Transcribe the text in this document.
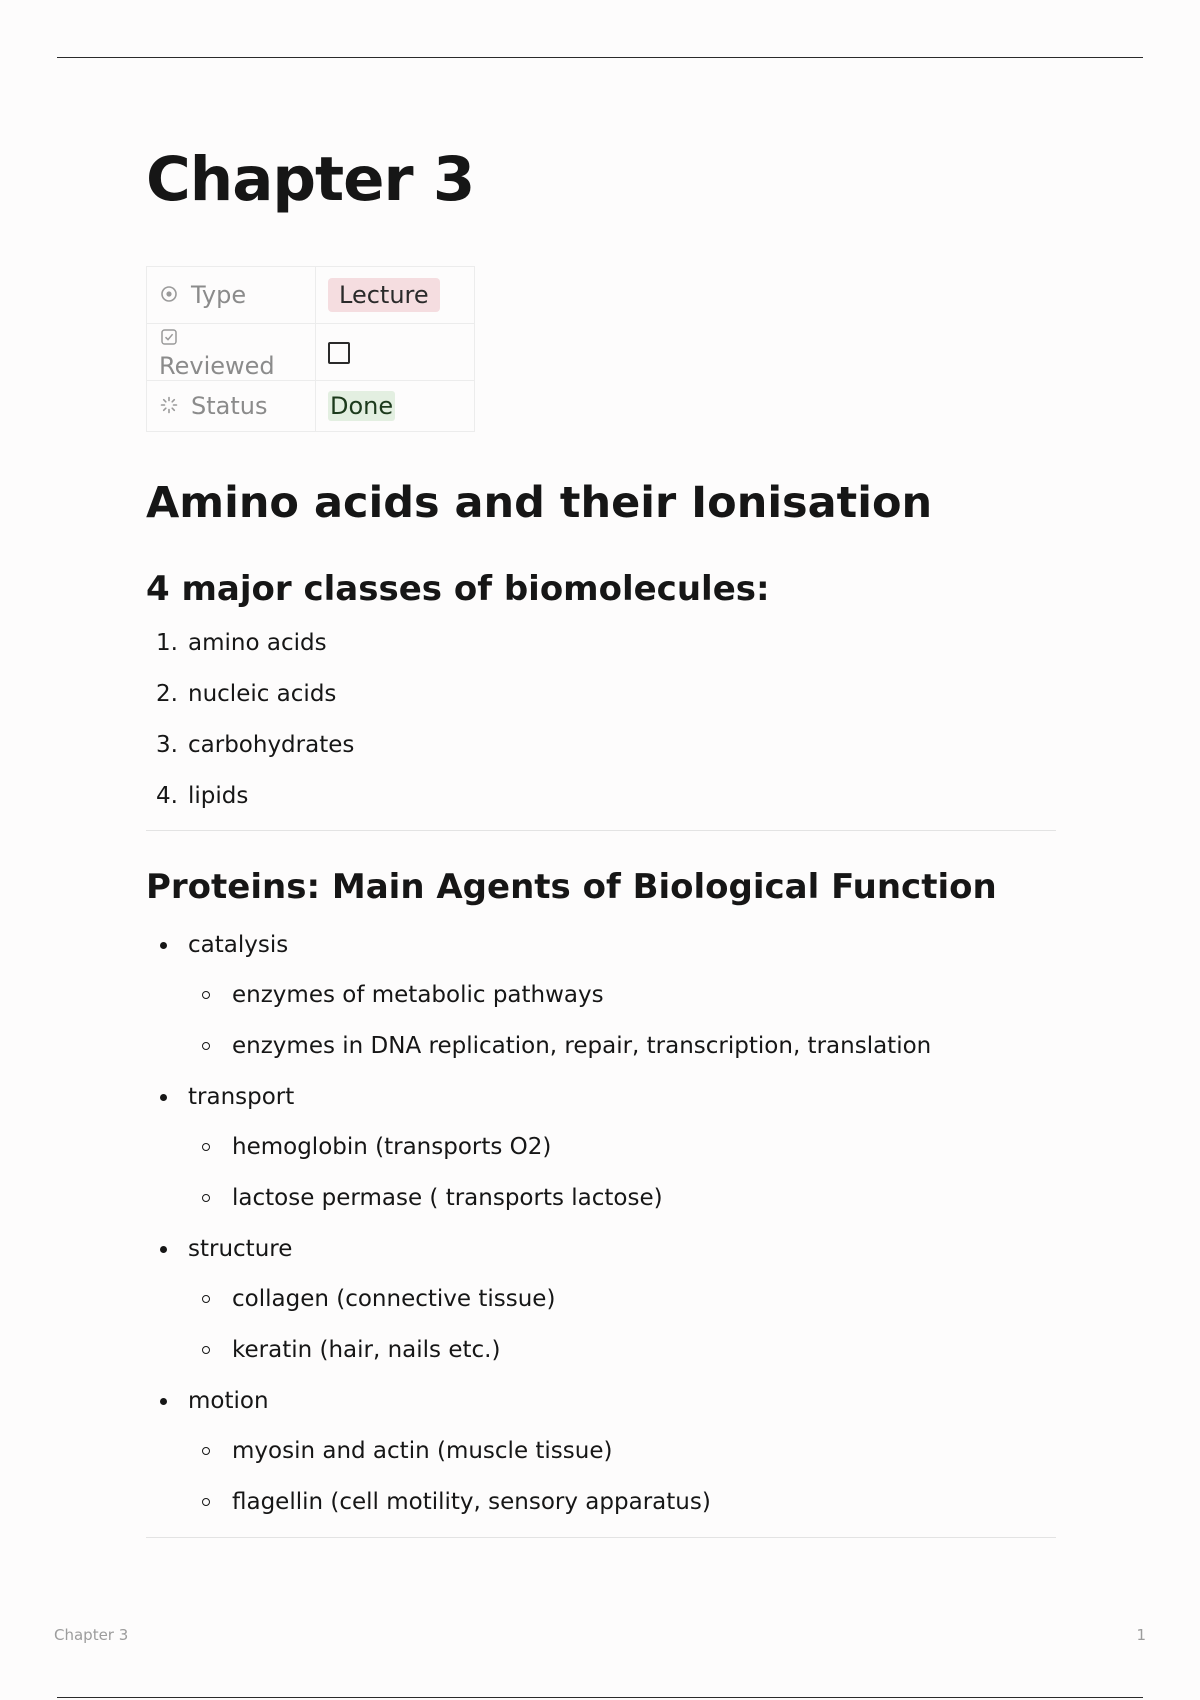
Chapter 3
Type	Lecture
Reviewed	
Status	Done
Amino acids and their Ionisation
4 major classes of biomolecules:
1. amino acids
2. nucleic acids
3. carbohydrates
4. lipids
Proteins: Main Agents of Biological Function
catalysis
enzymes of metabolic pathways
enzymes in DNA replication, repair, transcription, translation
transport
hemoglobin (transports O2)
lactose permase ( transports lactose)
structure
collagen (connective tissue)
keratin (hair, nails etc.)
motion
myosin and actin (muscle tissue)
flagellin (cell motility, sensory apparatus)
Chapter 3	1
